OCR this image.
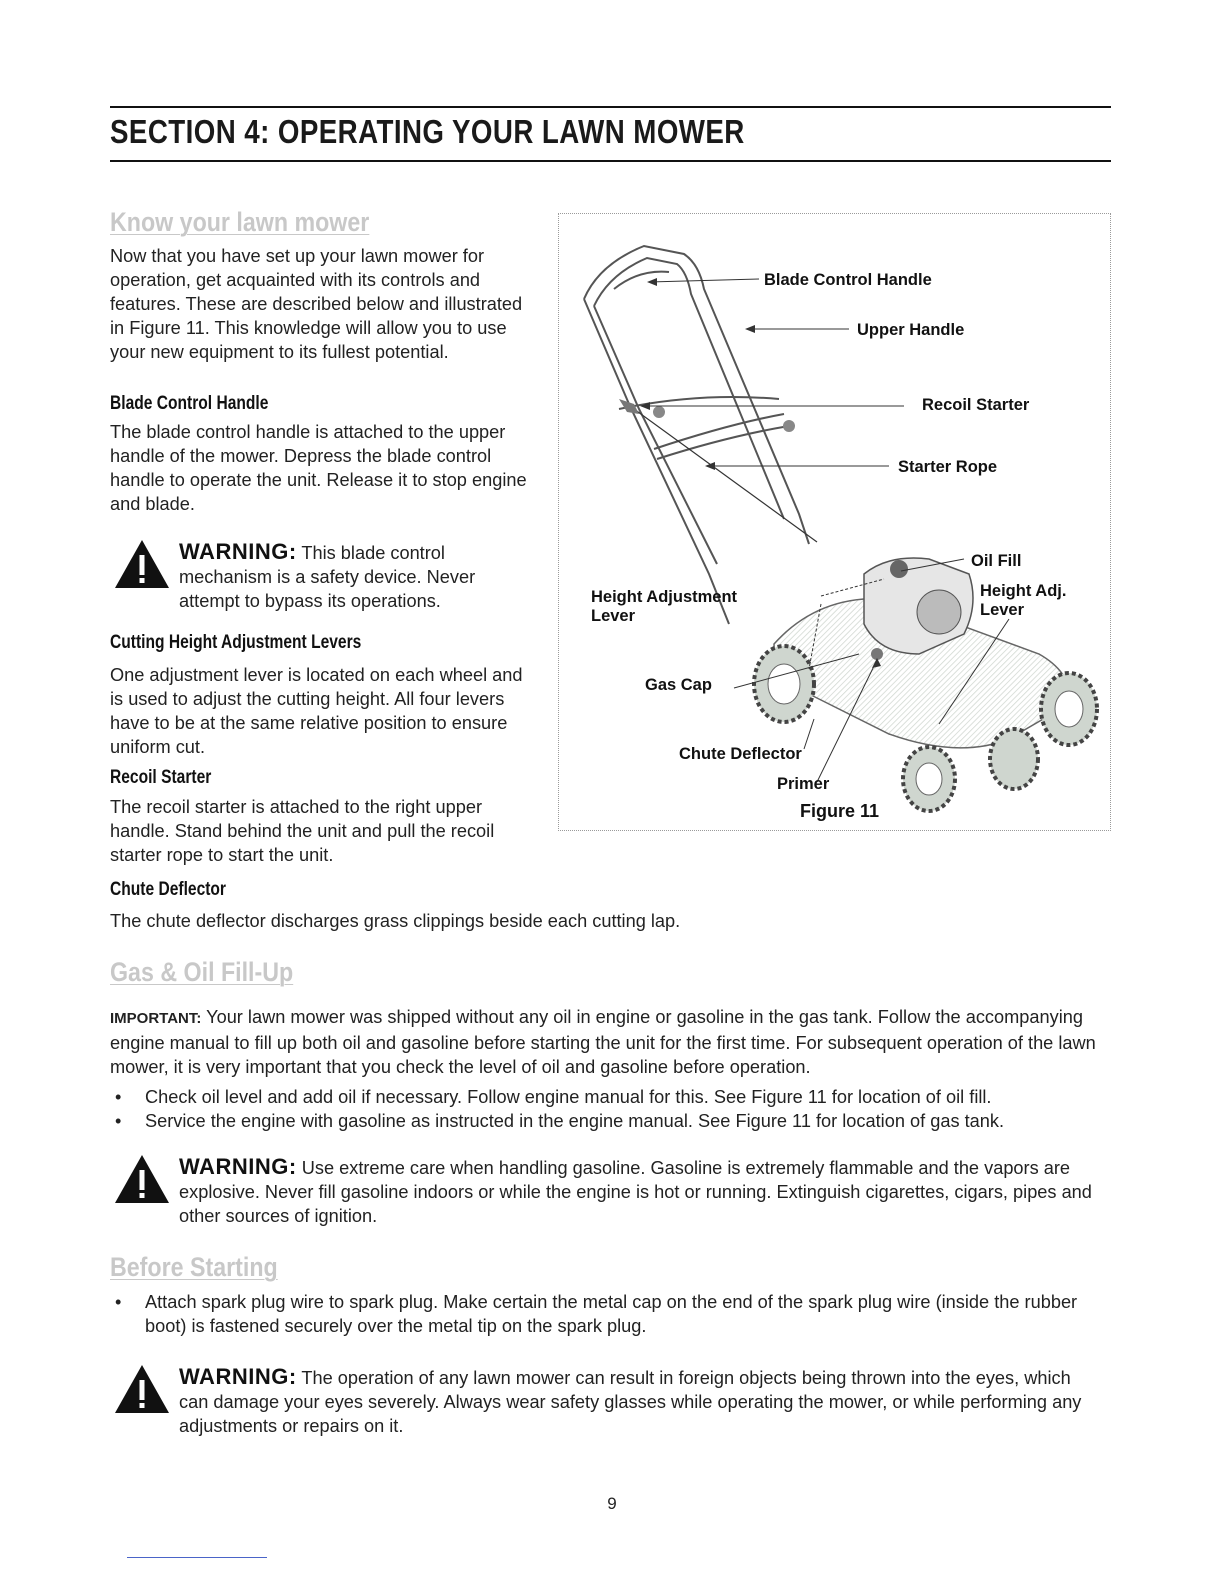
SECTION 4: OPERATING YOUR LAWN MOWER
Know your lawn mower

Now that you have set up your lawn mower for operation, get acquainted with its controls and features. These are described below and illustrated in Figure 11. This knowledge will allow you to use your new equipment to its fullest potential.

Blade Control Handle

The blade control handle is attached to the upper handle of the mower. Depress the blade control handle to operate the unit. Release it to stop engine and blade.

WARNING: This blade control mechanism is a safety device. Never attempt to bypass its operations.
Cutting Height Adjustment Levers

One adjustment lever is located on each wheel and is used to adjust the cutting height. All four levers have to be at the same relative position to ensure uniform cut.

Recoil Starter

The recoil starter is attached to the right upper handle. Stand behind the unit and pull the recoil starter rope to start the unit.

Chute Deflector

The chute deflector discharges grass clippings beside each cutting lap.

Blade Control Handle
Upper Handle
Recoil Starter
Starter Rope
Oil Fill
Height Adj.
Lever
Height Adjustment
Lever
Gas Cap
Chute Deflector
Primer
Figure 11
Gas & Oil Fill-Up

IMPORTANT: Your lawn mower was shipped without any oil in engine or gasoline in the gas tank. Follow the accompanying engine manual to fill up both oil and gasoline before starting the unit for the first time. For subsequent operation of the lawn mower, it is very important that you check the level of oil and gasoline before operation.

• Check oil level and add oil if necessary. Follow engine manual for this. See Figure 11 for location of oil fill.
• Service the engine with gasoline as instructed in the engine manual. See Figure 11 for location of gas tank.
WARNING: Use extreme care when handling gasoline. Gasoline is extremely flammable and the vapors are explosive. Never fill gasoline indoors or while the engine is hot or running. Extinguish cigarettes, cigars, pipes and other sources of ignition.
Before Starting
• Attach spark plug wire to spark plug. Make certain the metal cap on the end of the spark plug wire (inside the rubber boot) is fastened securely over the metal tip on the spark plug.
WARNING: The operation of any lawn mower can result in foreign objects being thrown into the eyes, which can damage your eyes severely. Always wear safety glasses while operating the mower, or while performing any adjustments or repairs on it.
9
